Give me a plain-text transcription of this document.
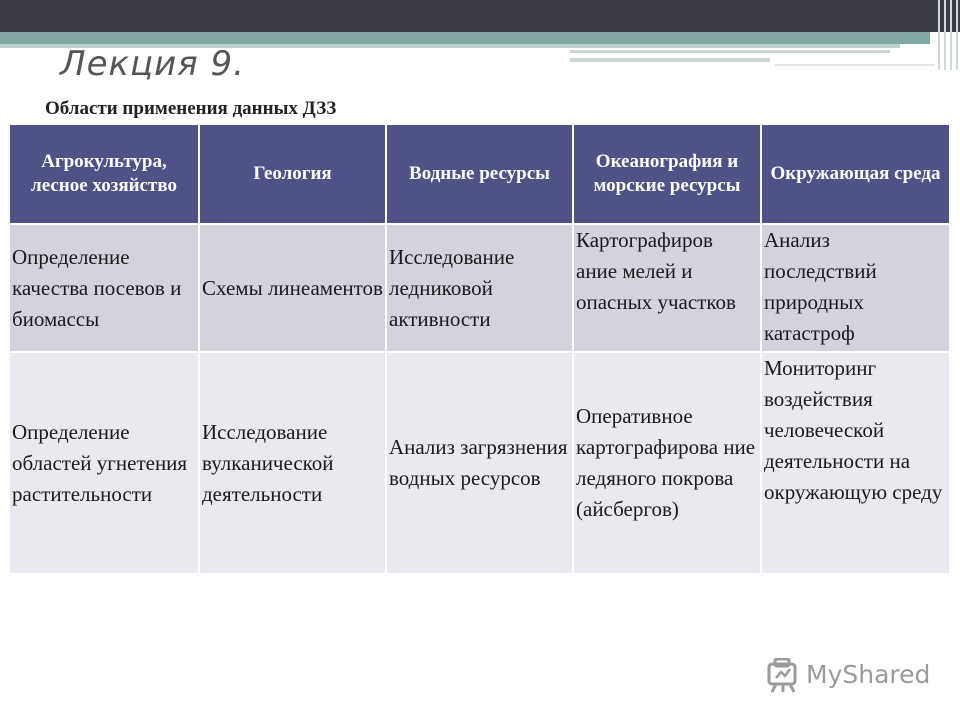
Лекция 9.
Области применения данных ДЗЗ
Агрокультура, лесное хозяйство	Геология	Водные ресурсы	Океанография и морские ресурсы	Окружающая среда
Определение качества посевов и биомассы	Схемы линеаментов	Исследование ледниковой активности	Картографиров ание мелей и опасных участков	Анализ последствий природных катастроф
Определение областей угнетения растительности	Исследование вулканической деятельности	Анализ загрязнения водных ресурсов	Оперативное картографирова ние ледяного покрова (айсбергов)	Мониторинг воздействия человеческой деятельности на окружающую среду
MyShared
